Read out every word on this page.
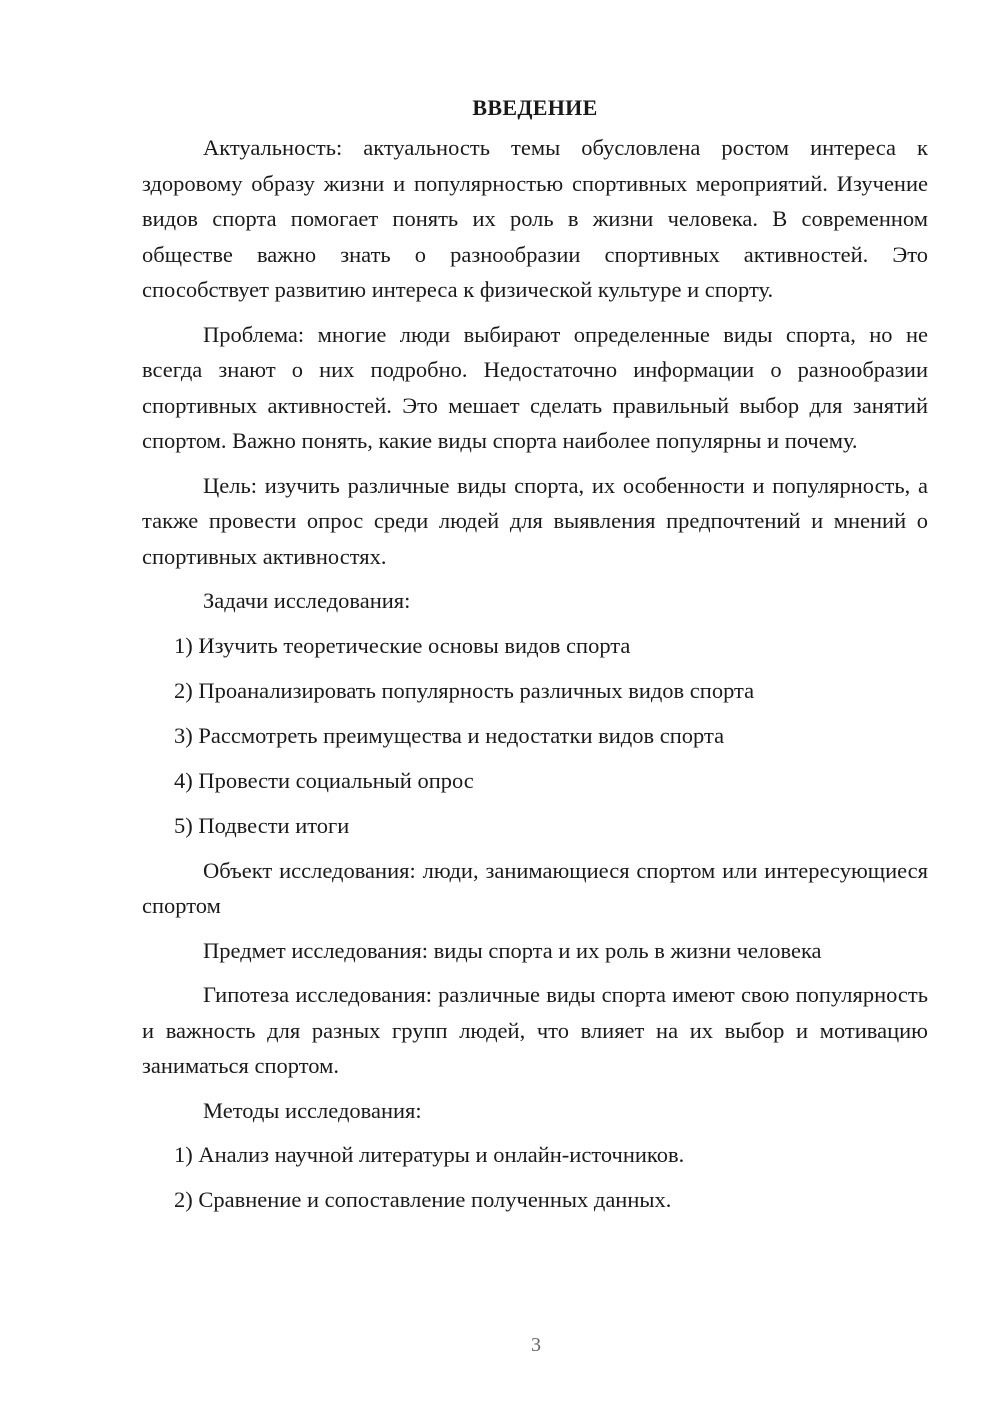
ВВЕДЕНИЕ

Актуальность: актуальность темы обусловлена ростом интереса к здоровому образу жизни и популярностью спортивных мероприятий. Изучение видов спорта помогает понять их роль в жизни человека. В современном обществе важно знать о разнообразии спортивных активностей. Это способствует развитию интереса к физической культуре и спорту.

Проблема: многие люди выбирают определенные виды спорта, но не всегда знают о них подробно. Недостаточно информации о разнообразии спортивных активностей. Это мешает сделать правильный выбор для занятий спортом. Важно понять, какие виды спорта наиболее популярны и почему.

Цель: изучить различные виды спорта, их особенности и популярность, а также провести опрос среди людей для выявления предпочтений и мнений о спортивных активностях.

Задачи исследования:

1) Изучить теоретические основы видов спорта
2) Проанализировать популярность различных видов спорта
3) Рассмотреть преимущества и недостатки видов спорта
4) Провести социальный опрос
5) Подвести итоги

Объект исследования: люди, занимающиеся спортом или интересующиеся спортом

Предмет исследования: виды спорта и их роль в жизни человека

Гипотеза исследования: различные виды спорта имеют свою популярность и важность для разных групп людей, что влияет на их выбор и мотивацию заниматься спортом.

Методы исследования:

1) Анализ научной литературы и онлайн-источников.
2) Сравнение и сопоставление полученных данных.
3
